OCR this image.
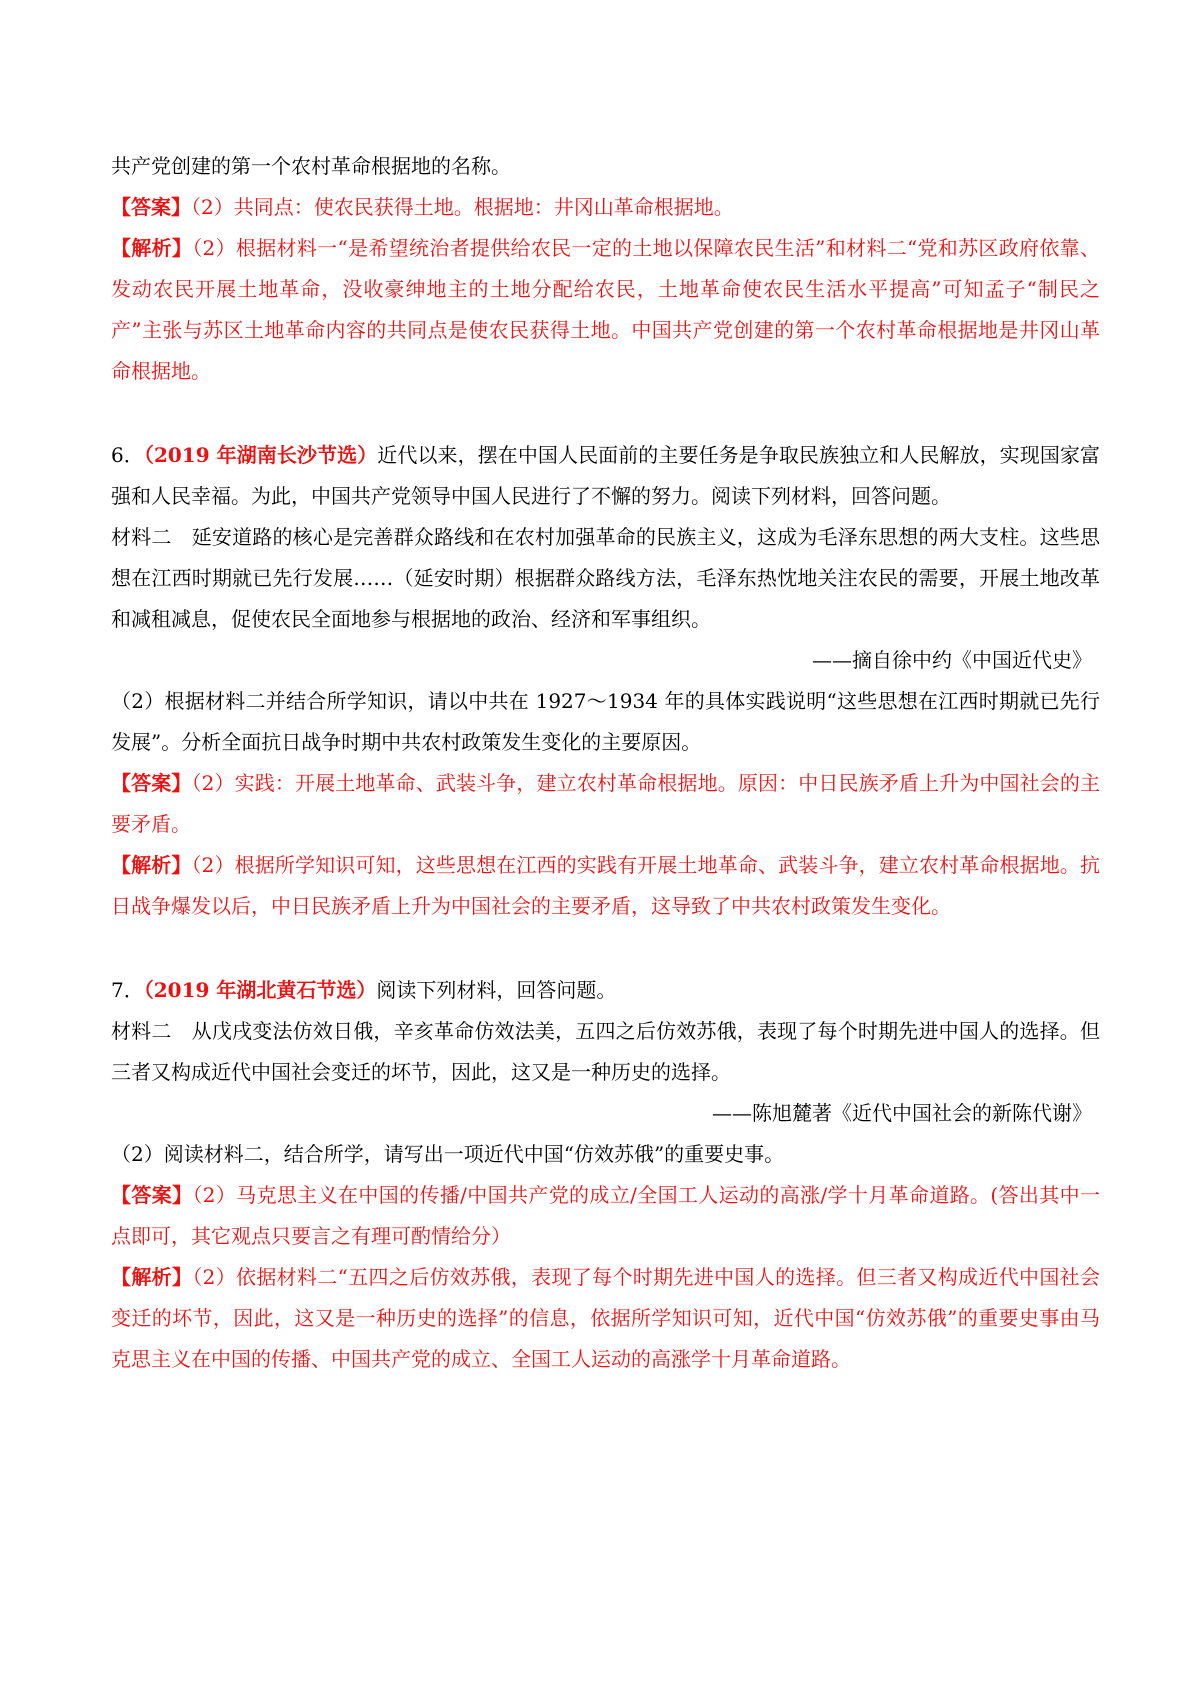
共产党创建的第一个农村革命根据地的名称。

【答案】（2）共同点：使农民获得土地。根据地：井冈山革命根据地。

【解析】（2）根据材料一“是希望统治者提供给农民一定的土地以保障农民生活”和材料二“党和苏区政府依靠、发动农民开展土地革命，没收豪绅地主的土地分配给农民，土地革命使农民生活水平提高”可知孟子“制民之产”主张与苏区土地革命内容的共同点是使农民获得土地。中国共产党创建的第一个农村革命根据地是井冈山革命根据地。

6．（2019 年湖南长沙节选）近代以来，摆在中国人民面前的主要任务是争取民族独立和人民解放，实现国家富强和人民幸福。为此，中国共产党领导中国人民进行了不懈的努力。阅读下列材料，回答问题。

材料二　 延安道路的核心是完善群众路线和在农村加强革命的民族主义，这成为毛泽东思想的两大支柱。这些思想在江西时期就已先行发展……（延安时期）根据群众路线方法，毛泽东热忱地关注农民的需要，开展土地改革和减租减息，促使农民全面地参与根据地的政治、经济和军事组织。

——摘自徐中约《中国近代史》

（2）根据材料二并结合所学知识，请以中共在 1927～1934 年的具体实践说明“这些思想在江西时期就已先行发展”。分析全面抗日战争时期中共农村政策发生变化的主要原因。

【答案】（2）实践：开展土地革命、武装斗争，建立农村革命根据地。原因：中日民族矛盾上升为中国社会的主要矛盾。

【解析】（2）根据所学知识可知，这些思想在江西的实践有开展土地革命、武装斗争，建立农村革命根据地。抗日战争爆发以后，中日民族矛盾上升为中国社会的主要矛盾，这导致了中共农村政策发生变化。

7．（2019 年湖北黄石节选）阅读下列材料，回答问题。

材料二　 从戊戌变法仿效日俄，辛亥革命仿效法美，五四之后仿效苏俄，表现了每个时期先进中国人的选择。但三者又构成近代中国社会变迁的坏节，因此，这又是一种历史的选择。

——陈旭麓著《近代中国社会的新陈代谢》

（2）阅读材料二，结合所学，请写出一项近代中国“仿效苏俄”的重要史事。

【答案】（2）马克思主义在中国的传播/中国共产党的成立/全国工人运动的高涨/学十月革命道路。(答出其中一点即可，其它观点只要言之有理可酌情给分）

【解析】（2）依据材料二“五四之后仿效苏俄，表现了每个时期先进中国人的选择。但三者又构成近代中国社会变迁的坏节，因此，这又是一种历史的选择”的信息，依据所学知识可知，近代中国“仿效苏俄”的重要史事由马克思主义在中国的传播、中国共产党的成立、全国工人运动的高涨学十月革命道路。
